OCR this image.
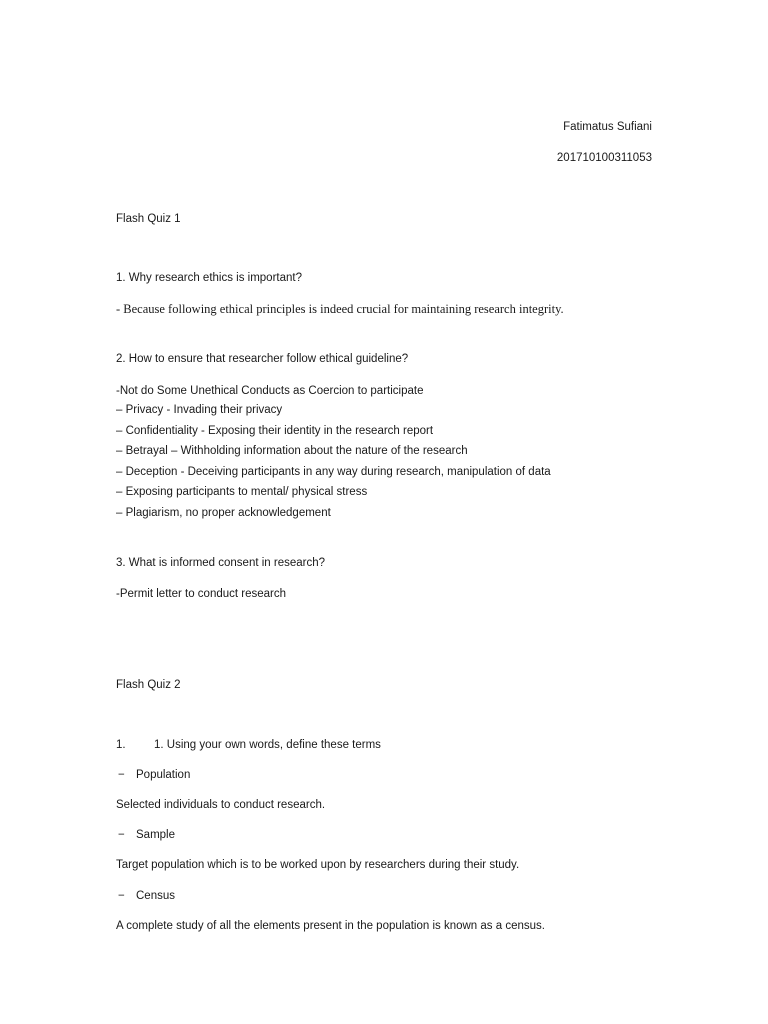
Fatimatus Sufiani
201710100311053
Flash Quiz 1
1. Why research ethics is important?
- Because following ethical principles is indeed crucial for maintaining research integrity.
2. How to ensure that researcher follow ethical guideline?
-Not do Some Unethical Conducts as Coercion to participate
– Privacy - Invading their privacy
– Confidentiality - Exposing their identity in the research report
– Betrayal – Withholding information about the nature of the research
– Deception - Deceiving participants in any way during research, manipulation of data
– Exposing participants to mental/ physical stress
– Plagiarism, no proper acknowledgement
3. What is informed consent in research?
-Permit letter to conduct research
Flash Quiz 2
1. 1. Using your own words, define these terms
− Population
Selected individuals to conduct research.
− Sample
Target population which is to be worked upon by researchers during their study.
− Census
A complete study of all the elements present in the population is known as a census.
